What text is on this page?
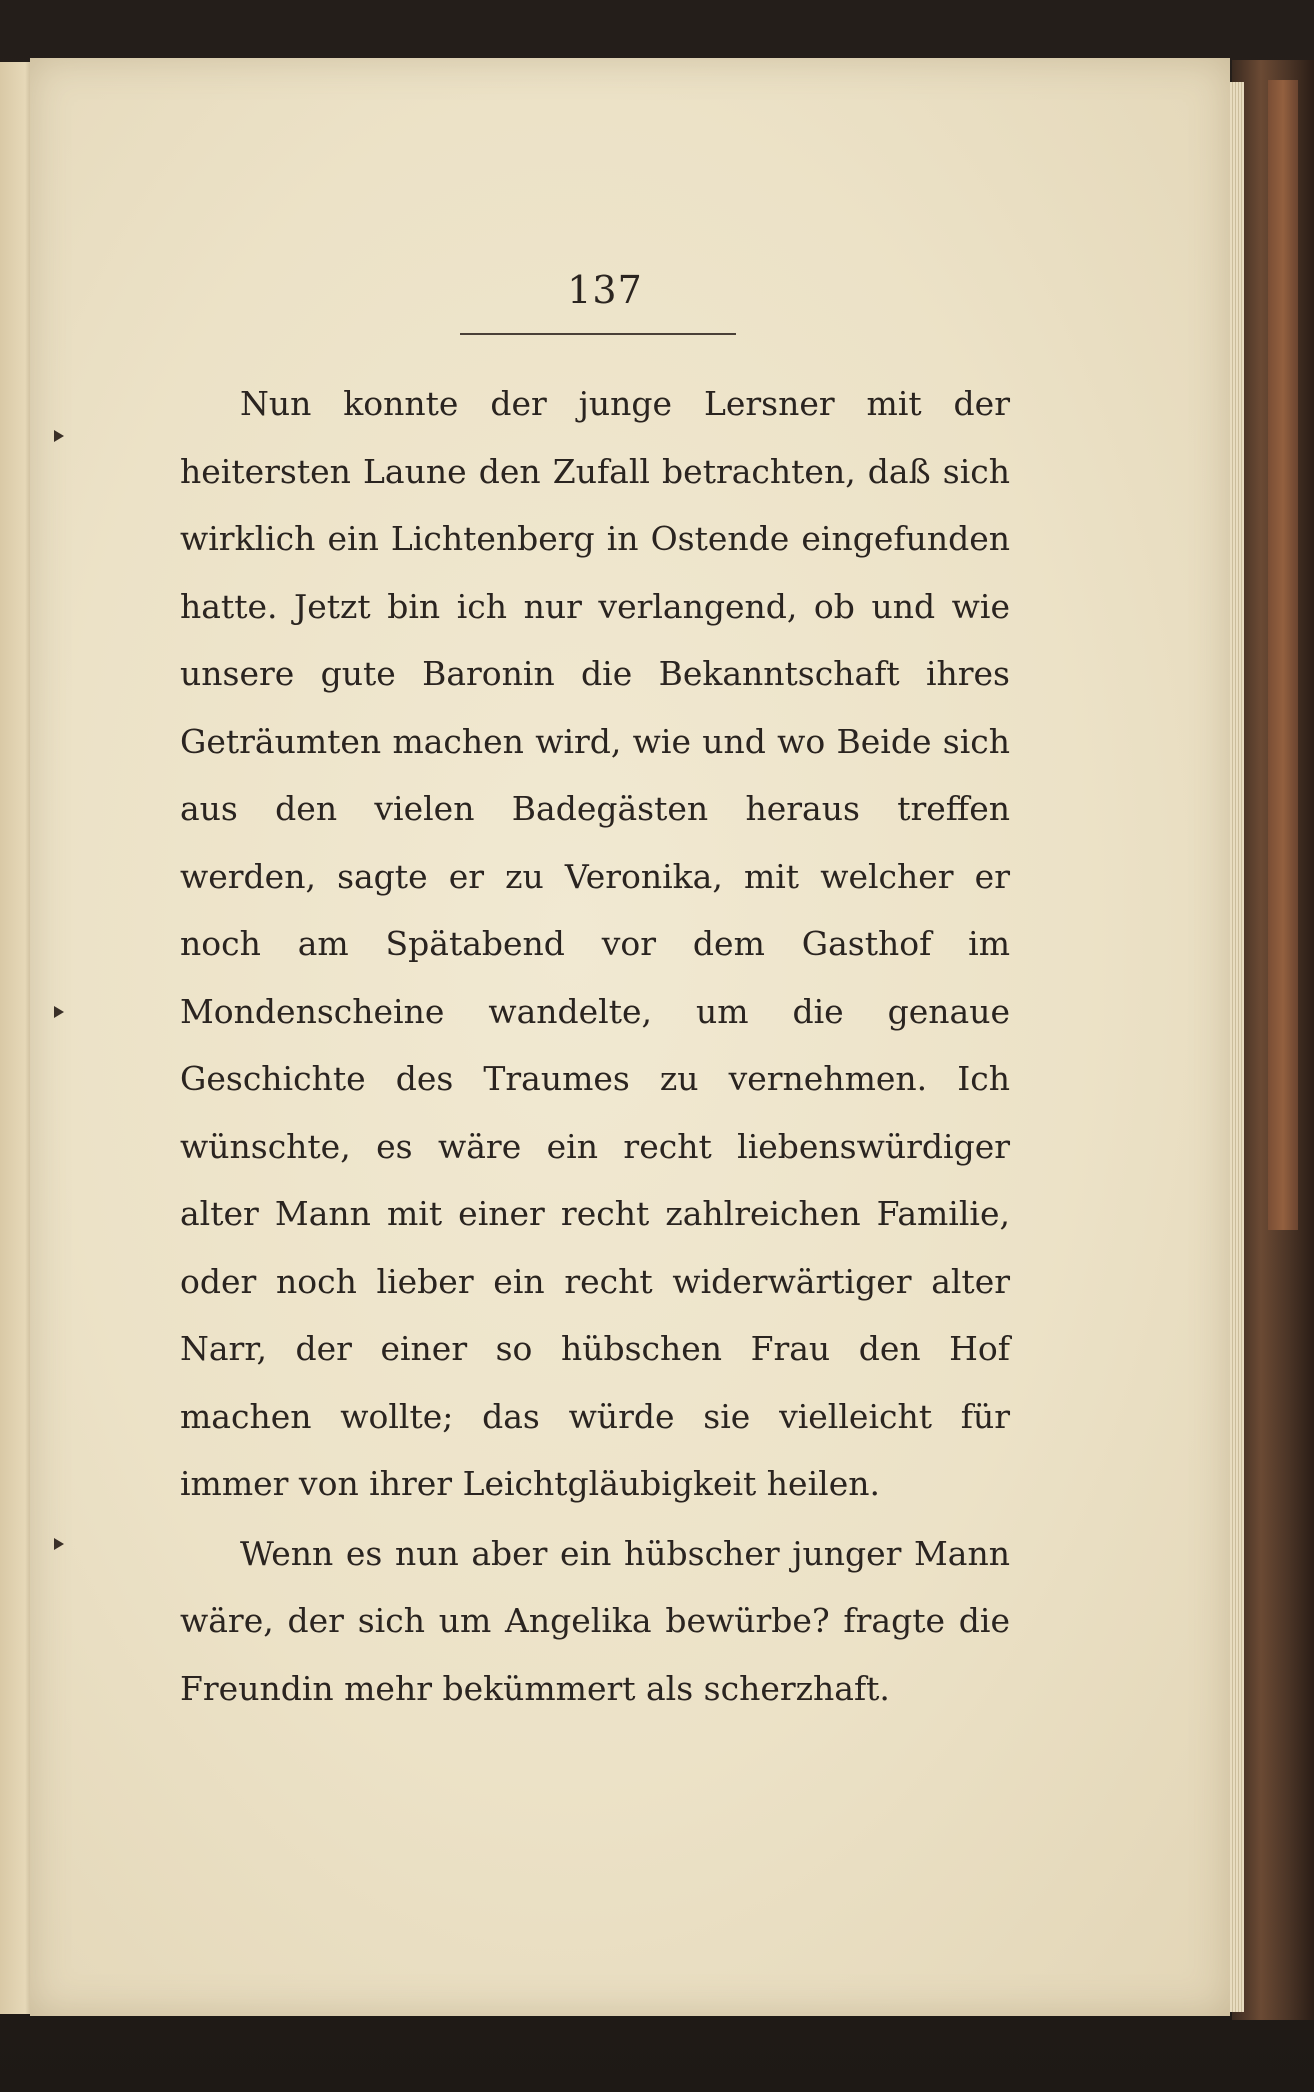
137

Nun konnte der junge Lersner mit der heitersten Laune den Zufall betrachten, daß sich wirklich ein Lichtenberg in Ostende eingefunden hatte. Jetzt bin ich nur verlangend, ob und wie unsere gute Baronin die Bekanntschaft ihres Geträumten machen wird, wie und wo Beide sich aus den vielen Badegästen heraus treffen werden, sagte er zu Veronika, mit welcher er noch am Spätabend vor dem Gasthof im Mondenscheine wandelte, um die genaue Geschichte des Traumes zu vernehmen. Ich wünschte, es wäre ein recht liebenswürdiger alter Mann mit einer recht zahlreichen Familie, oder noch lieber ein recht widerwärtiger alter Narr, der einer so hübschen Frau den Hof machen wollte; das würde sie vielleicht für immer von ihrer Leichtgläubigkeit heilen.

Wenn es nun aber ein hübscher junger Mann wäre, der sich um Angelika bewürbe? fragte die Freundin mehr bekümmert als scherzhaft.
